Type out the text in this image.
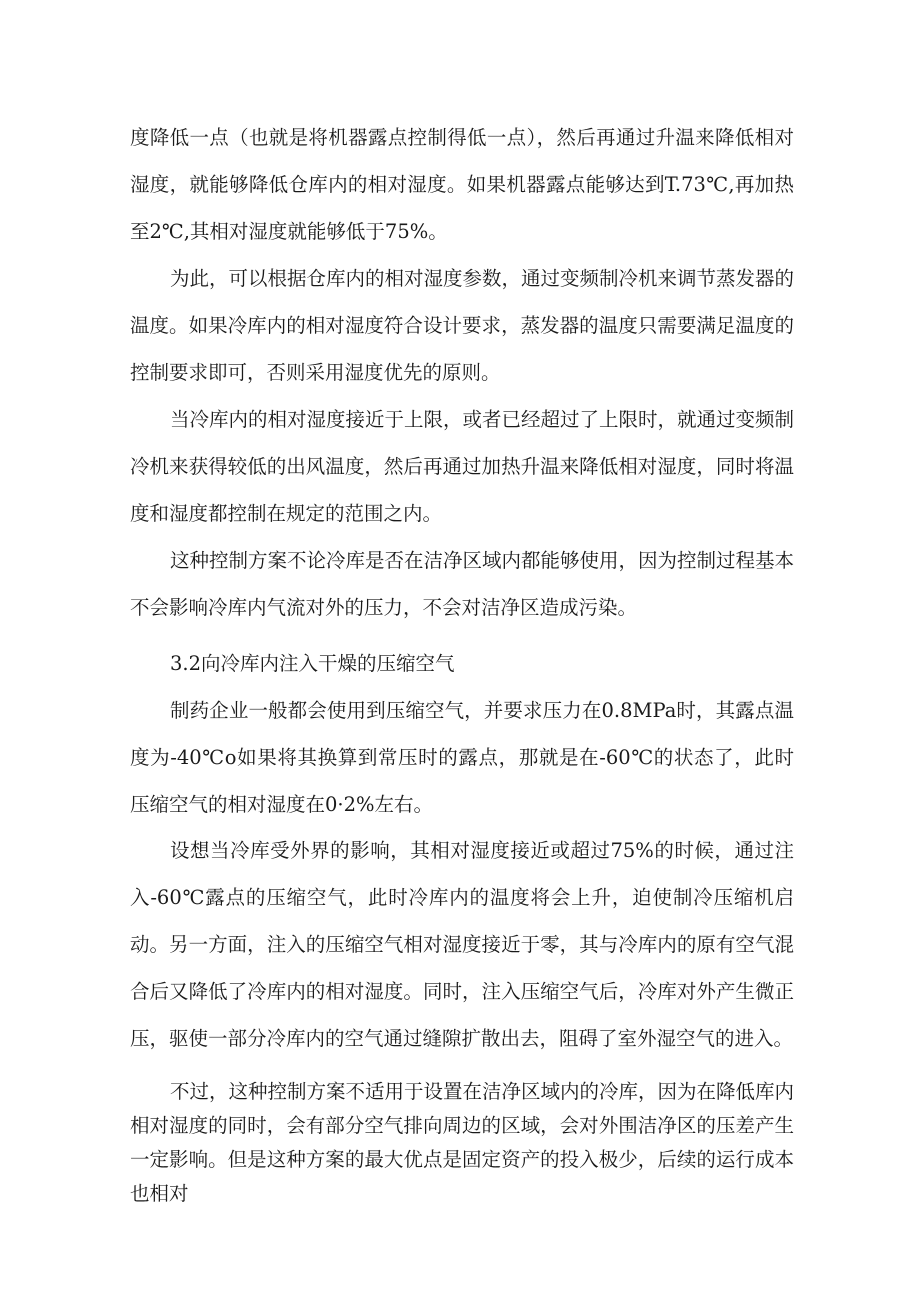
度降低一点（也就是将机器露点控制得低一点），然后再通过升温来降低相对湿度，就能够降低仓库内的相对湿度。如果机器露点能够达到T.73℃,再加热至2℃,其相对湿度就能够低于75%。

为此，可以根据仓库内的相对湿度参数，通过变频制冷机来调节蒸发器的温度。如果冷库内的相对湿度符合设计要求，蒸发器的温度只需要满足温度的控制要求即可，否则采用湿度优先的原则。

当冷库内的相对湿度接近于上限，或者已经超过了上限时，就通过变频制冷机来获得较低的出风温度，然后再通过加热升温来降低相对湿度，同时将温度和湿度都控制在规定的范围之内。

这种控制方案不论冷库是否在洁净区域内都能够使用，因为控制过程基本不会影响冷库内气流对外的压力，不会对洁净区造成污染。

3.2向冷库内注入干燥的压缩空气

制药企业一般都会使用到压缩空气，并要求压力在0.8MPa时，其露点温度为-40℃o如果将其换算到常压时的露点，那就是在-60℃的状态了，此时压缩空气的相对湿度在0·2%左右。

设想当冷库受外界的影响，其相对湿度接近或超过75%的时候，通过注入-60℃露点的压缩空气，此时冷库内的温度将会上升，迫使制冷压缩机启动。另一方面，注入的压缩空气相对湿度接近于零，其与冷库内的原有空气混合后又降低了冷库内的相对湿度。同时，注入压缩空气后，冷库对外产生微正压，驱使一部分冷库内的空气通过缝隙扩散出去，阻碍了室外湿空气的进入。

不过，这种控制方案不适用于设置在洁净区域内的冷库，因为在降低库内相对湿度的同时，会有部分空气排向周边的区域，会对外围洁净区的压差产生一定影响。但是这种方案的最大优点是固定资产的投入极少，后续的运行成本也相对
